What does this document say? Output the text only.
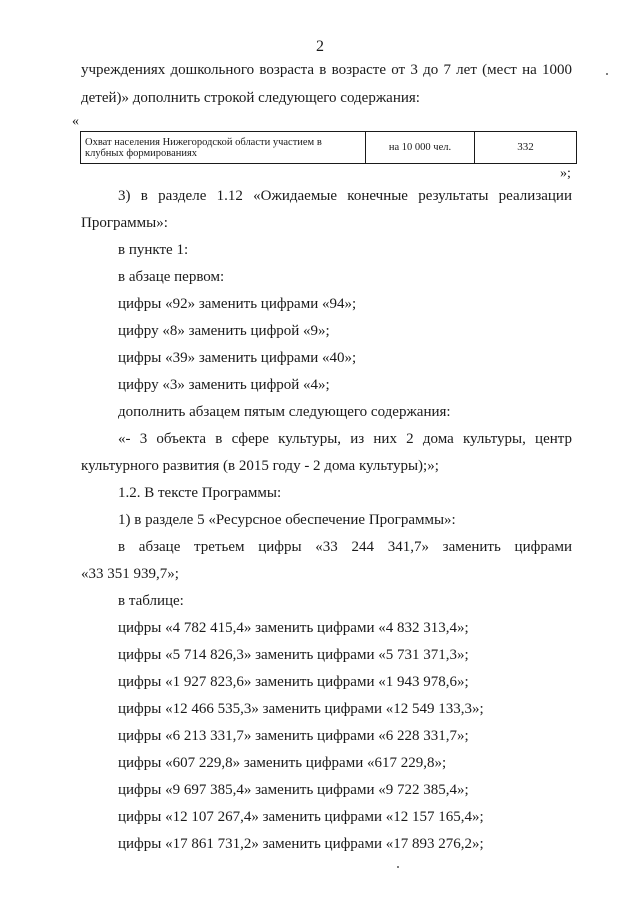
2
учреждениях дошкольного возраста в возрасте от 3 до 7 лет (мест на 1000
детей)» дополнить строкой следующего содержания:
«
Охват населения Нижегородской области участием в клубных формированиях	на 10 000 чел.	332
»;
3) в разделе 1.12 «Ожидаемые конечные результаты реализации
Программы»:
в пункте 1:
в абзаце первом:
цифры «92» заменить цифрами «94»;
цифру «8» заменить цифрой «9»;
цифры «39» заменить цифрами «40»;
цифру «3» заменить цифрой «4»;
дополнить абзацем пятым следующего содержания:
«- 3 объекта в сфере культуры, из них 2 дома культуры, центр
культурного развития (в 2015 году - 2 дома культуры);»;
1.2. В тексте Программы:
1) в разделе 5 «Ресурсное обеспечение Программы»:
в абзаце третьем цифры «33 244 341,7» заменить цифрами
«33 351 939,7»;
в таблице:
цифры «4 782 415,4» заменить цифрами «4 832 313,4»;
цифры «5 714 826,3» заменить цифрами «5 731 371,3»;
цифры «1 927 823,6» заменить цифрами «1 943 978,6»;
цифры «12 466 535,3» заменить цифрами «12 549 133,3»;
цифры «6 213 331,7» заменить цифрами «6 228 331,7»;
цифры «607 229,8» заменить цифрами «617 229,8»;
цифры «9 697 385,4» заменить цифрами «9 722 385,4»;
цифры «12 107 267,4» заменить цифрами «12 157 165,4»;
цифры «17 861 731,2» заменить цифрами «17 893 276,2»;
